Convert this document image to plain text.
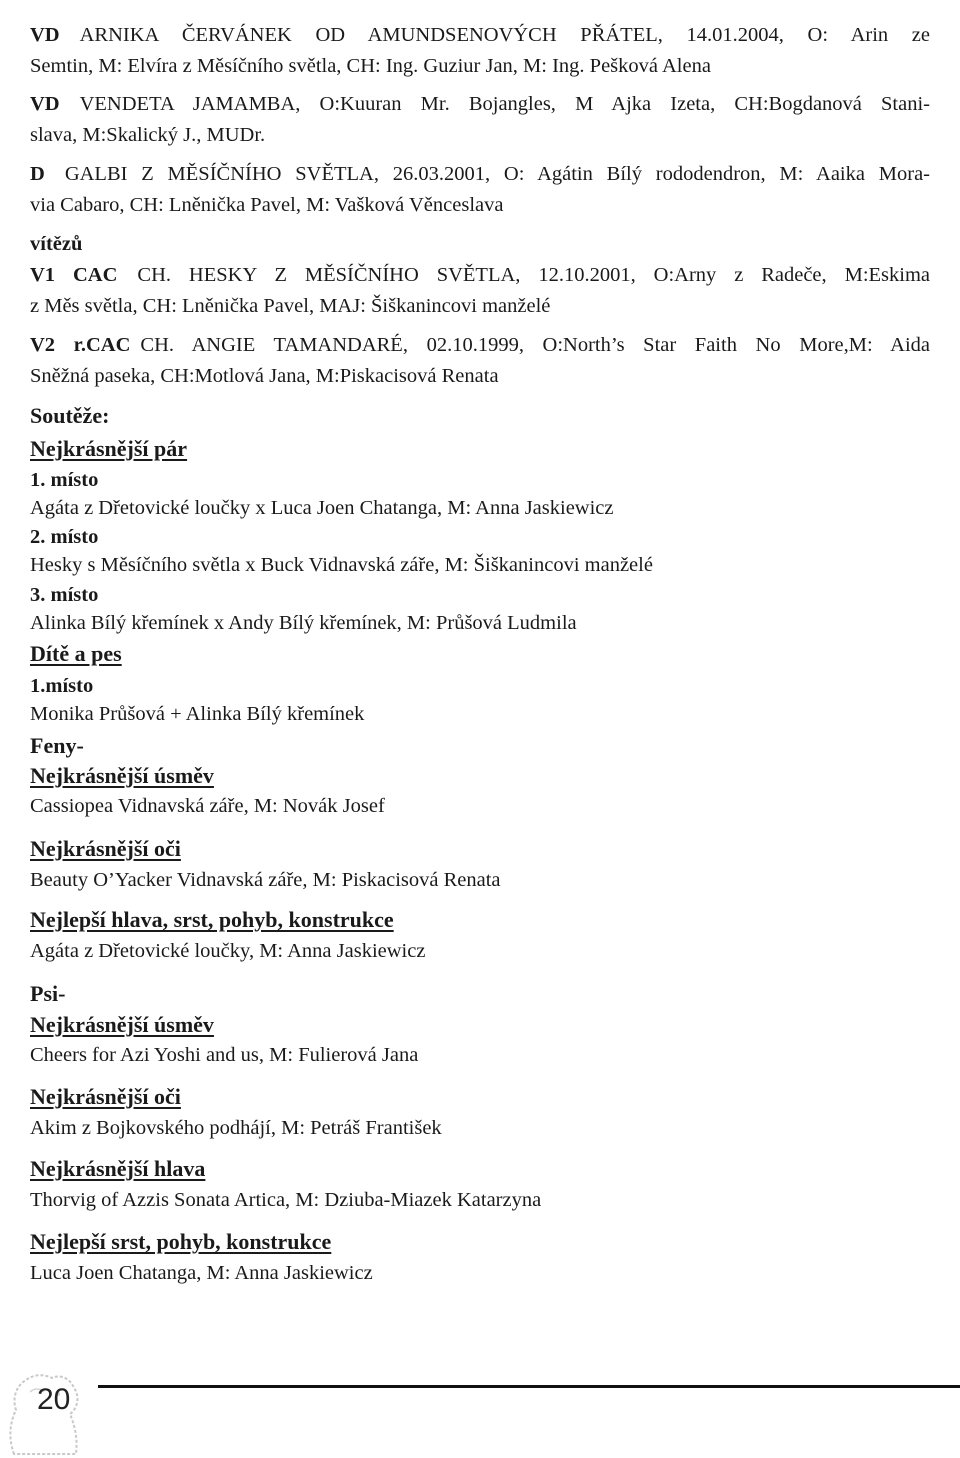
VD ARNIKA ČERVÁNEK OD AMUNDSENOVÝCH PŘÁTEL, 14.01.2004, O: Arin ze
Semtin, M: Elvíra z Měsíčního světla, CH: Ing. Guziur Jan, M: Ing. Pešková Alena
VD VENDETA JAMAMBA, O:Kuuran Mr. Bojangles, M Ajka Izeta, CH:Bogdanová Stani-
slava, M:Skalický J., MUDr.
D GALBI Z MĚSÍČNÍHO SVĚTLA, 26.03.2001, O: Agátin Bílý rododendron, M: Aaika Mora-
via Cabaro, CH: Lněnička Pavel, M: Vašková Věnceslava
vítězů
V1 CAC CH. HESKY Z MĚSÍČNÍHO SVĚTLA, 12.10.2001, O:Arny z Radeče, M:Eskima
z Měs světla, CH: Lněnička Pavel, MAJ: Šiškanincovi manželé
V2 r.CAC CH. ANGIE TAMANDARÉ, 02.10.1999, O:North’s Star Faith No More,M: Aida
Sněžná paseka, CH:Motlová Jana, M:Piskacisová Renata
Soutěže:
Nejkrásnější pár
1. místo
Agáta z Dřetovické loučky x Luca Joen Chatanga, M: Anna Jaskiewicz
2. místo
Hesky s Měsíčního světla x Buck Vidnavská záře, M: Šiškanincovi manželé
3. místo
Alinka Bílý křemínek x Andy Bílý křemínek, M: Průšová Ludmila
Dítě a pes
1.místo
Monika Průšová + Alinka Bílý křemínek
Feny-
Nejkrásnější úsměv
Cassiopea Vidnavská záře, M: Novák Josef
Nejkrásnější oči
Beauty O’Yacker Vidnavská záře, M: Piskacisová Renata
Nejlepší hlava, srst, pohyb, konstrukce
Agáta z Dřetovické loučky, M: Anna Jaskiewicz
Psi-
Nejkrásnější úsměv
Cheers for Azi Yoshi and us, M: Fulierová Jana
Nejkrásnější oči
Akim z Bojkovského podhájí, M: Petráš František
Nejkrásnější hlava
Thorvig of Azzis Sonata Artica, M: Dziuba-Miazek Katarzyna
Nejlepší srst, pohyb, konstrukce
Luca Joen Chatanga, M: Anna Jaskiewicz
20
